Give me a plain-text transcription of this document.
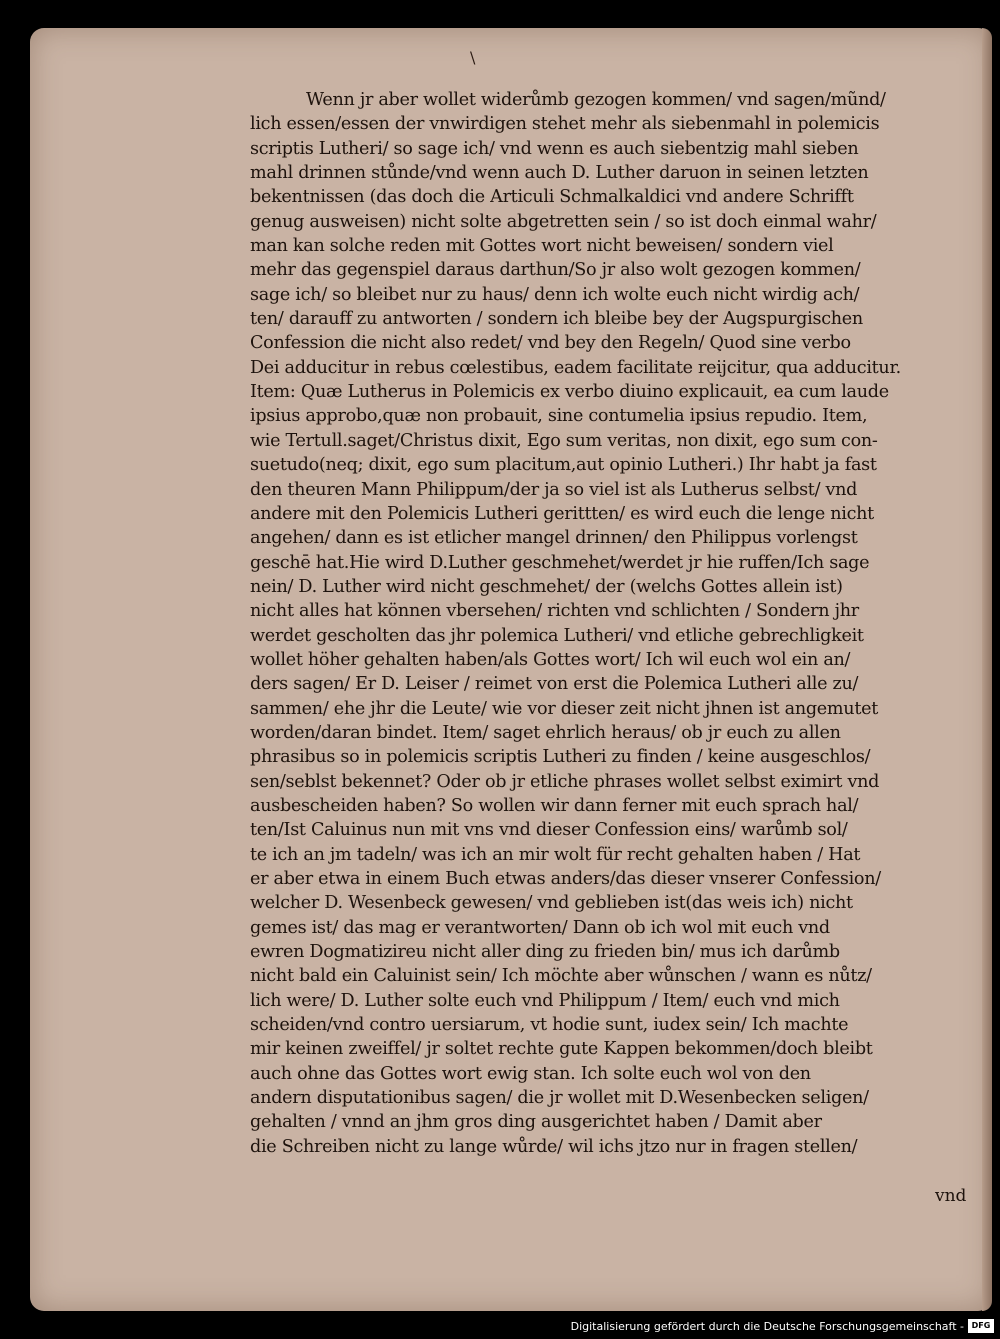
\
vnd
Wenn jr aber wollet widerůmb gezogen kommen/ vnd sagen/mũnd/
lich essen/essen der vnwirdigen stehet mehr als siebenmahl in polemicis
scriptis Lutheri/ so sage ich/ vnd wenn es auch siebentzig mahl sieben
mahl drinnen stůnde/vnd wenn auch D. Luther daruon in seinen letzten
bekentnissen (das doch die Articuli Schmalkaldici vnd andere Schrifft
genug ausweisen) nicht solte abgetretten sein / so ist doch einmal wahr/
man kan solche reden mit Gottes wort nicht beweisen/ sondern viel
mehr das gegenspiel daraus darthun/So jr also wolt gezogen kommen/
sage ich/ so bleibet nur zu haus/ denn ich wolte euch nicht wirdig ach/
ten/ darauff zu antworten / sondern ich bleibe bey der Augspurgischen
Confession die nicht also redet/ vnd bey den Regeln/ Quod sine verbo
Dei adducitur in rebus cœlestibus, eadem facilitate reijcitur, qua adducitur.
Item: Quæ Lutherus in Polemicis ex verbo diuino explicauit, ea cum laude
ipsius approbo,quæ non probauit, sine contumelia ipsius repudio. Item,
wie Tertull.saget/Christus dixit, Ego sum veritas, non dixit, ego sum con-
suetudo(neq; dixit, ego sum placitum,aut opinio Lutheri.) Ihr habt ja fast
den theuren Mann Philippum/der ja so viel ist als Lutherus selbst/ vnd
andere mit den Polemicis Lutheri gerittten/ es wird euch die lenge nicht
angehen/ dann es ist etlicher mangel drinnen/ den Philippus vorlengst
geschē hat.Hie wird D.Luther geschmehet/werdet jr hie ruffen/Ich sage
nein/ D. Luther wird nicht geschmehet/ der (welchs Gottes allein ist)
nicht alles hat können vbersehen/ richten vnd schlichten / Sondern jhr
werdet gescholten das jhr polemica Lutheri/ vnd etliche gebrechligkeit
wollet höher gehalten haben/als Gottes wort/ Ich wil euch wol ein an/
ders sagen/ Er D. Leiser / reimet von erst die Polemica Lutheri alle zu/
sammen/ ehe jhr die Leute/ wie vor dieser zeit nicht jhnen ist angemutet
worden/daran bindet. Item/ saget ehrlich heraus/ ob jr euch zu allen
phrasibus so in polemicis scriptis Lutheri zu finden / keine ausgeschlos/
sen/seblst bekennet? Oder ob jr etliche phrases wollet selbst eximirt vnd
ausbescheiden haben? So wollen wir dann ferner mit euch sprach hal/
ten/Ist Caluinus nun mit vns vnd dieser Confession eins/ warůmb sol/
te ich an jm tadeln/ was ich an mir wolt für recht gehalten haben / Hat
er aber etwa in einem Buch etwas anders/das dieser vnserer Confession/
welcher D. Wesenbeck gewesen/ vnd geblieben ist(das weis ich) nicht
gemes ist/ das mag er verantworten/ Dann ob ich wol mit euch vnd
ewren Dogmatizireu nicht aller ding zu frieden bin/ mus ich darůmb
nicht bald ein Caluinist sein/ Ich möchte aber wůnschen / wann es nůtz/
lich were/ D. Luther solte euch vnd Philippum / Item/ euch vnd mich
scheiden/vnd contro uersiarum, vt hodie sunt, iudex sein/ Ich machte
mir keinen zweiffel/ jr soltet rechte gute Kappen bekommen/doch bleibt
auch ohne das Gottes wort ewig stan. Ich solte euch wol von den
andern disputationibus sagen/ die jr wollet mit D.Wesenbecken seligen/
gehalten / vnnd an jhm gros ding ausgerichtet haben / Damit aber
die Schreiben nicht zu lange wůrde/ wil ichs jtzo nur in fragen stellen/
Digitalisierung gefördert durch die Deutsche Forschungsgemeinschaft - DFG
